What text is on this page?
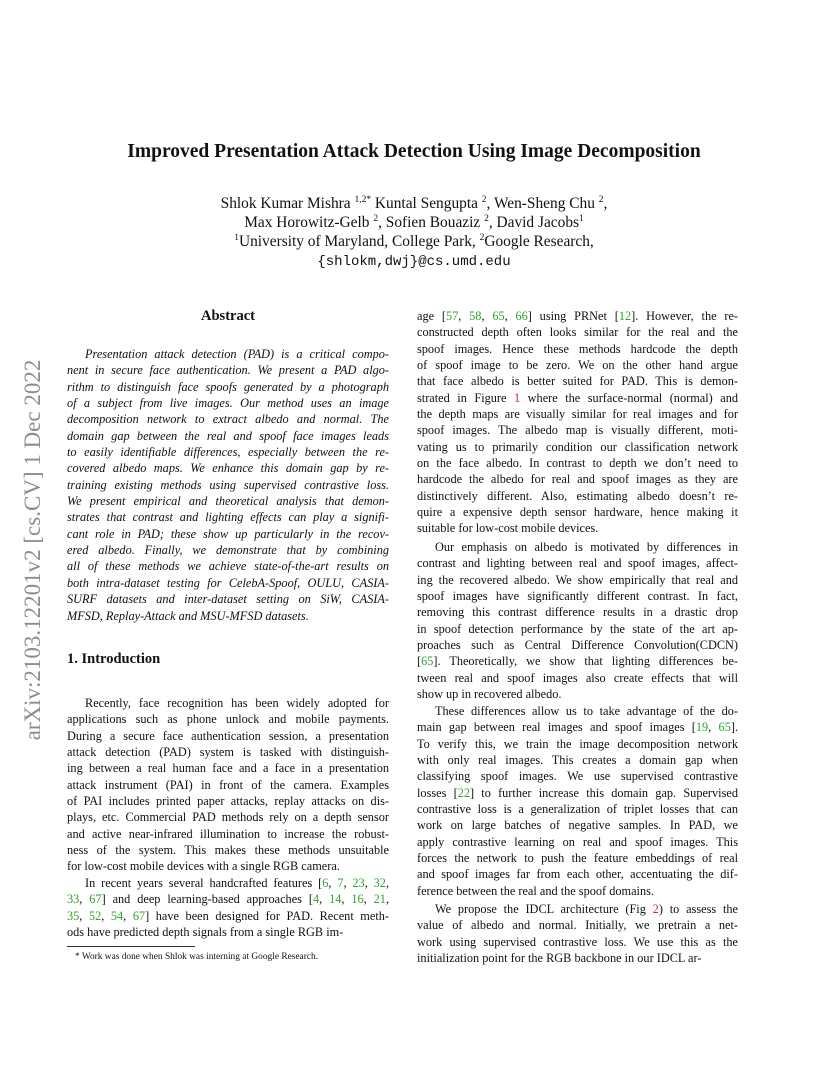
arXiv:2103.12201v2 [cs.CV] 1 Dec 2022
Improved Presentation Attack Detection Using Image Decomposition
Shlok Kumar Mishra $^{1,2*}$ Kuntal Sengupta $^2$, Wen-Sheng Chu $^2$,
Max Horowitz-Gelb $^2$, Sofien Bouaziz $^2$, David Jacobs$^1$
$^1$University of Maryland, College Park, $^2$Google Research,
{shlokm,dwj}@cs.umd.edu
Abstract
Presentation attack detection (PAD) is a critical compo-
nent in secure face authentication. We present a PAD algo-
rithm to distinguish face spoofs generated by a photograph
of a subject from live images. Our method uses an image
decomposition network to extract albedo and normal. The
domain gap between the real and spoof face images leads
to easily identifiable differences, especially between the re-
covered albedo maps. We enhance this domain gap by re-
training existing methods using supervised contrastive loss.
We present empirical and theoretical analysis that demon-
strates that contrast and lighting effects can play a signifi-
cant role in PAD; these show up particularly in the recov-
ered albedo. Finally, we demonstrate that by combining
all of these methods we achieve state-of-the-art results on
both intra-dataset testing for CelebA-Spoof, OULU, CASIA-
SURF datasets and inter-dataset setting on SiW, CASIA-
MFSD, Replay-Attack and MSU-MFSD datasets.
1. Introduction
Recently, face recognition has been widely adopted for
applications such as phone unlock and mobile payments.
During a secure face authentication session, a presentation
attack detection (PAD) system is tasked with distinguish-
ing between a real human face and a face in a presentation
attack instrument (PAI) in front of the camera. Examples
of PAI includes printed paper attacks, replay attacks on dis-
plays, etc. Commercial PAD methods rely on a depth sensor
and active near-infrared illumination to increase the robust-
ness of the system. This makes these methods unsuitable
for low-cost mobile devices with a single RGB camera.
In recent years several handcrafted features [6, 7, 23, 32,
33, 67] and deep learning-based approaches [4, 14, 16, 21,
35, 52, 54, 67] have been designed for PAD. Recent meth-
ods have predicted depth signals from a single RGB im-
* Work was done when Shlok was interning at Google Research.
age [57, 58, 65, 66] using PRNet [12]. However, the re-
constructed depth often looks similar for the real and the
spoof images. Hence these methods hardcode the depth
of spoof image to be zero. We on the other hand argue
that face albedo is better suited for PAD. This is demon-
strated in Figure 1 where the surface-normal (normal) and
the depth maps are visually similar for real images and for
spoof images. The albedo map is visually different, moti-
vating us to primarily condition our classification network
on the face albedo. In contrast to depth we don’t need to
hardcode the albedo for real and spoof images as they are
distinctively different. Also, estimating albedo doesn’t re-
quire a expensive depth sensor hardware, hence making it
suitable for low-cost mobile devices.
Our emphasis on albedo is motivated by differences in
contrast and lighting between real and spoof images, affect-
ing the recovered albedo. We show empirically that real and
spoof images have significantly different contrast. In fact,
removing this contrast difference results in a drastic drop
in spoof detection performance by the state of the art ap-
proaches such as Central Difference Convolution(CDCN)
[65]. Theoretically, we show that lighting differences be-
tween real and spoof images also create effects that will
show up in recovered albedo.
These differences allow us to take advantage of the do-
main gap between real images and spoof images [19, 65].
To verify this, we train the image decomposition network
with only real images. This creates a domain gap when
classifying spoof images. We use supervised contrastive
losses [22] to further increase this domain gap. Supervised
contrastive loss is a generalization of triplet losses that can
work on large batches of negative samples. In PAD, we
apply contrastive learning on real and spoof images. This
forces the network to push the feature embeddings of real
and spoof images far from each other, accentuating the dif-
ference between the real and the spoof domains.
We propose the IDCL architecture (Fig 2) to assess the
value of albedo and normal. Initially, we pretrain a net-
work using supervised contrastive loss. We use this as the
initialization point for the RGB backbone in our IDCL ar-
